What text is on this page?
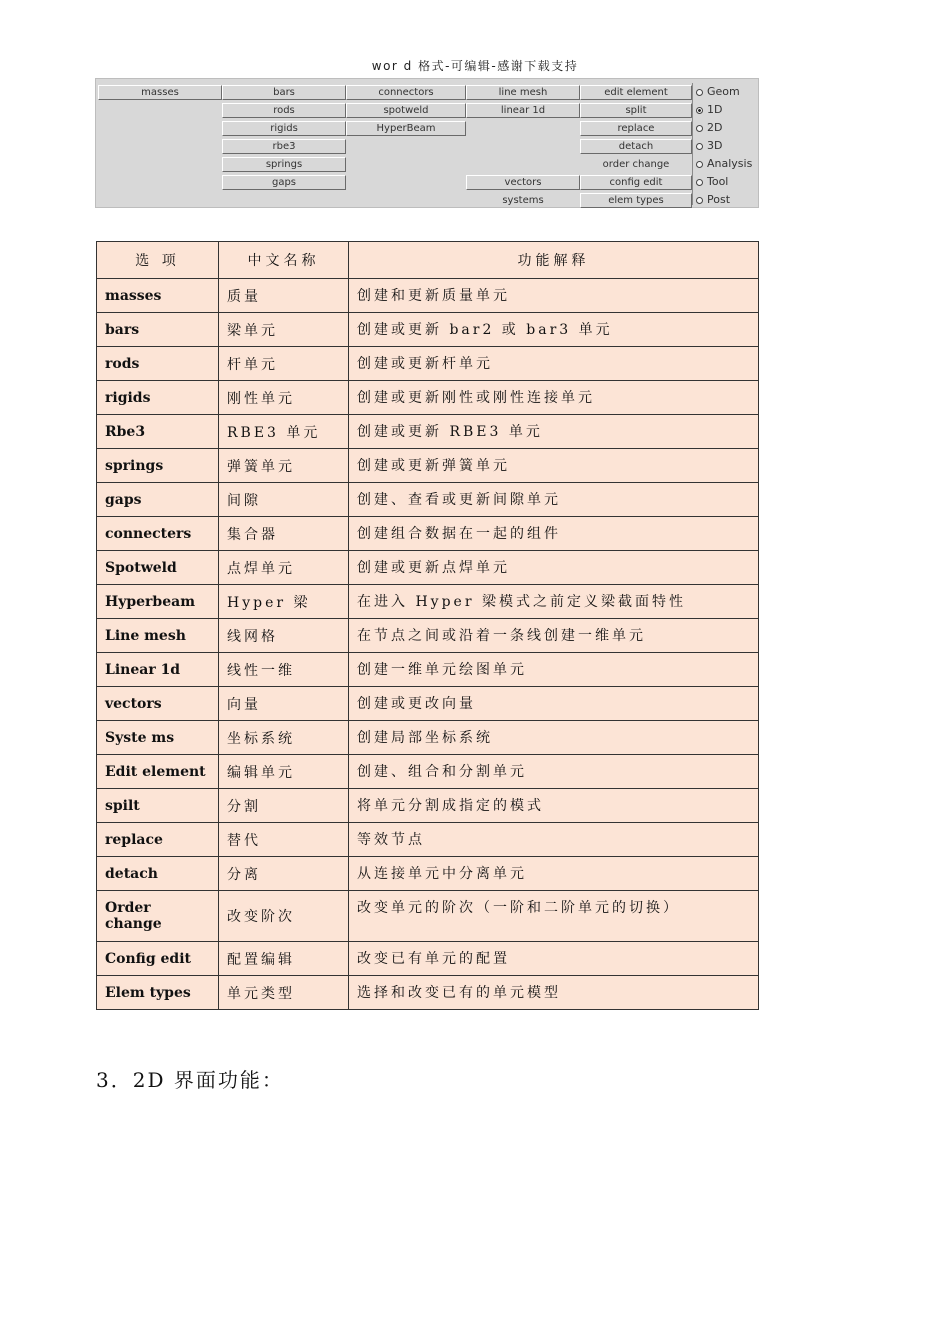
wor d 格式-可编辑-感谢下载支持
masses	bars
rods
rigids
rbe3
springs
gaps
connectors
spotweld
HyperBeam
line mesh
linear 1d
vectors
systems
edit element
split
replace
detach
order change
config edit
elem types
Geom
1D
2D
3D
Analysis
Tool
Post
选 项	中文名称	功能解释
masses	质量	创建和更新质量单元
bars	梁单元	创建或更新 bar2 或 bar3 单元
rods	杆单元	创建或更新杆单元
rigids	刚性单元	创建或更新刚性或刚性连接单元
Rbe3	RBE3 单元	创建或更新 RBE3 单元
springs	弹簧单元	创建或更新弹簧单元
gaps	间隙	创建、查看或更新间隙单元
connecters	集合器	创建组合数据在一起的组件
Spotweld	点焊单元	创建或更新点焊单元
Hyperbeam	Hyper 梁	在进入 Hyper 梁模式之前定义梁截面特性
Line mesh	线网格	在节点之间或沿着一条线创建一维单元
Linear 1d	线性一维	创建一维单元绘图单元
vectors	向量	创建或更改向量
Syste ms	坐标系统	创建局部坐标系统
Edit element	编辑单元	创建、组合和分割单元
spilt	分割	将单元分割成指定的模式
replace	替代	等效节点
detach	分离	从连接单元中分离单元
Order change	改变阶次	改变单元的阶次（一阶和二阶单元的切换）
Config edit	配置编辑	改变已有单元的配置
Elem types	单元类型	选择和改变已有的单元模型
3．2D 界面功能：
